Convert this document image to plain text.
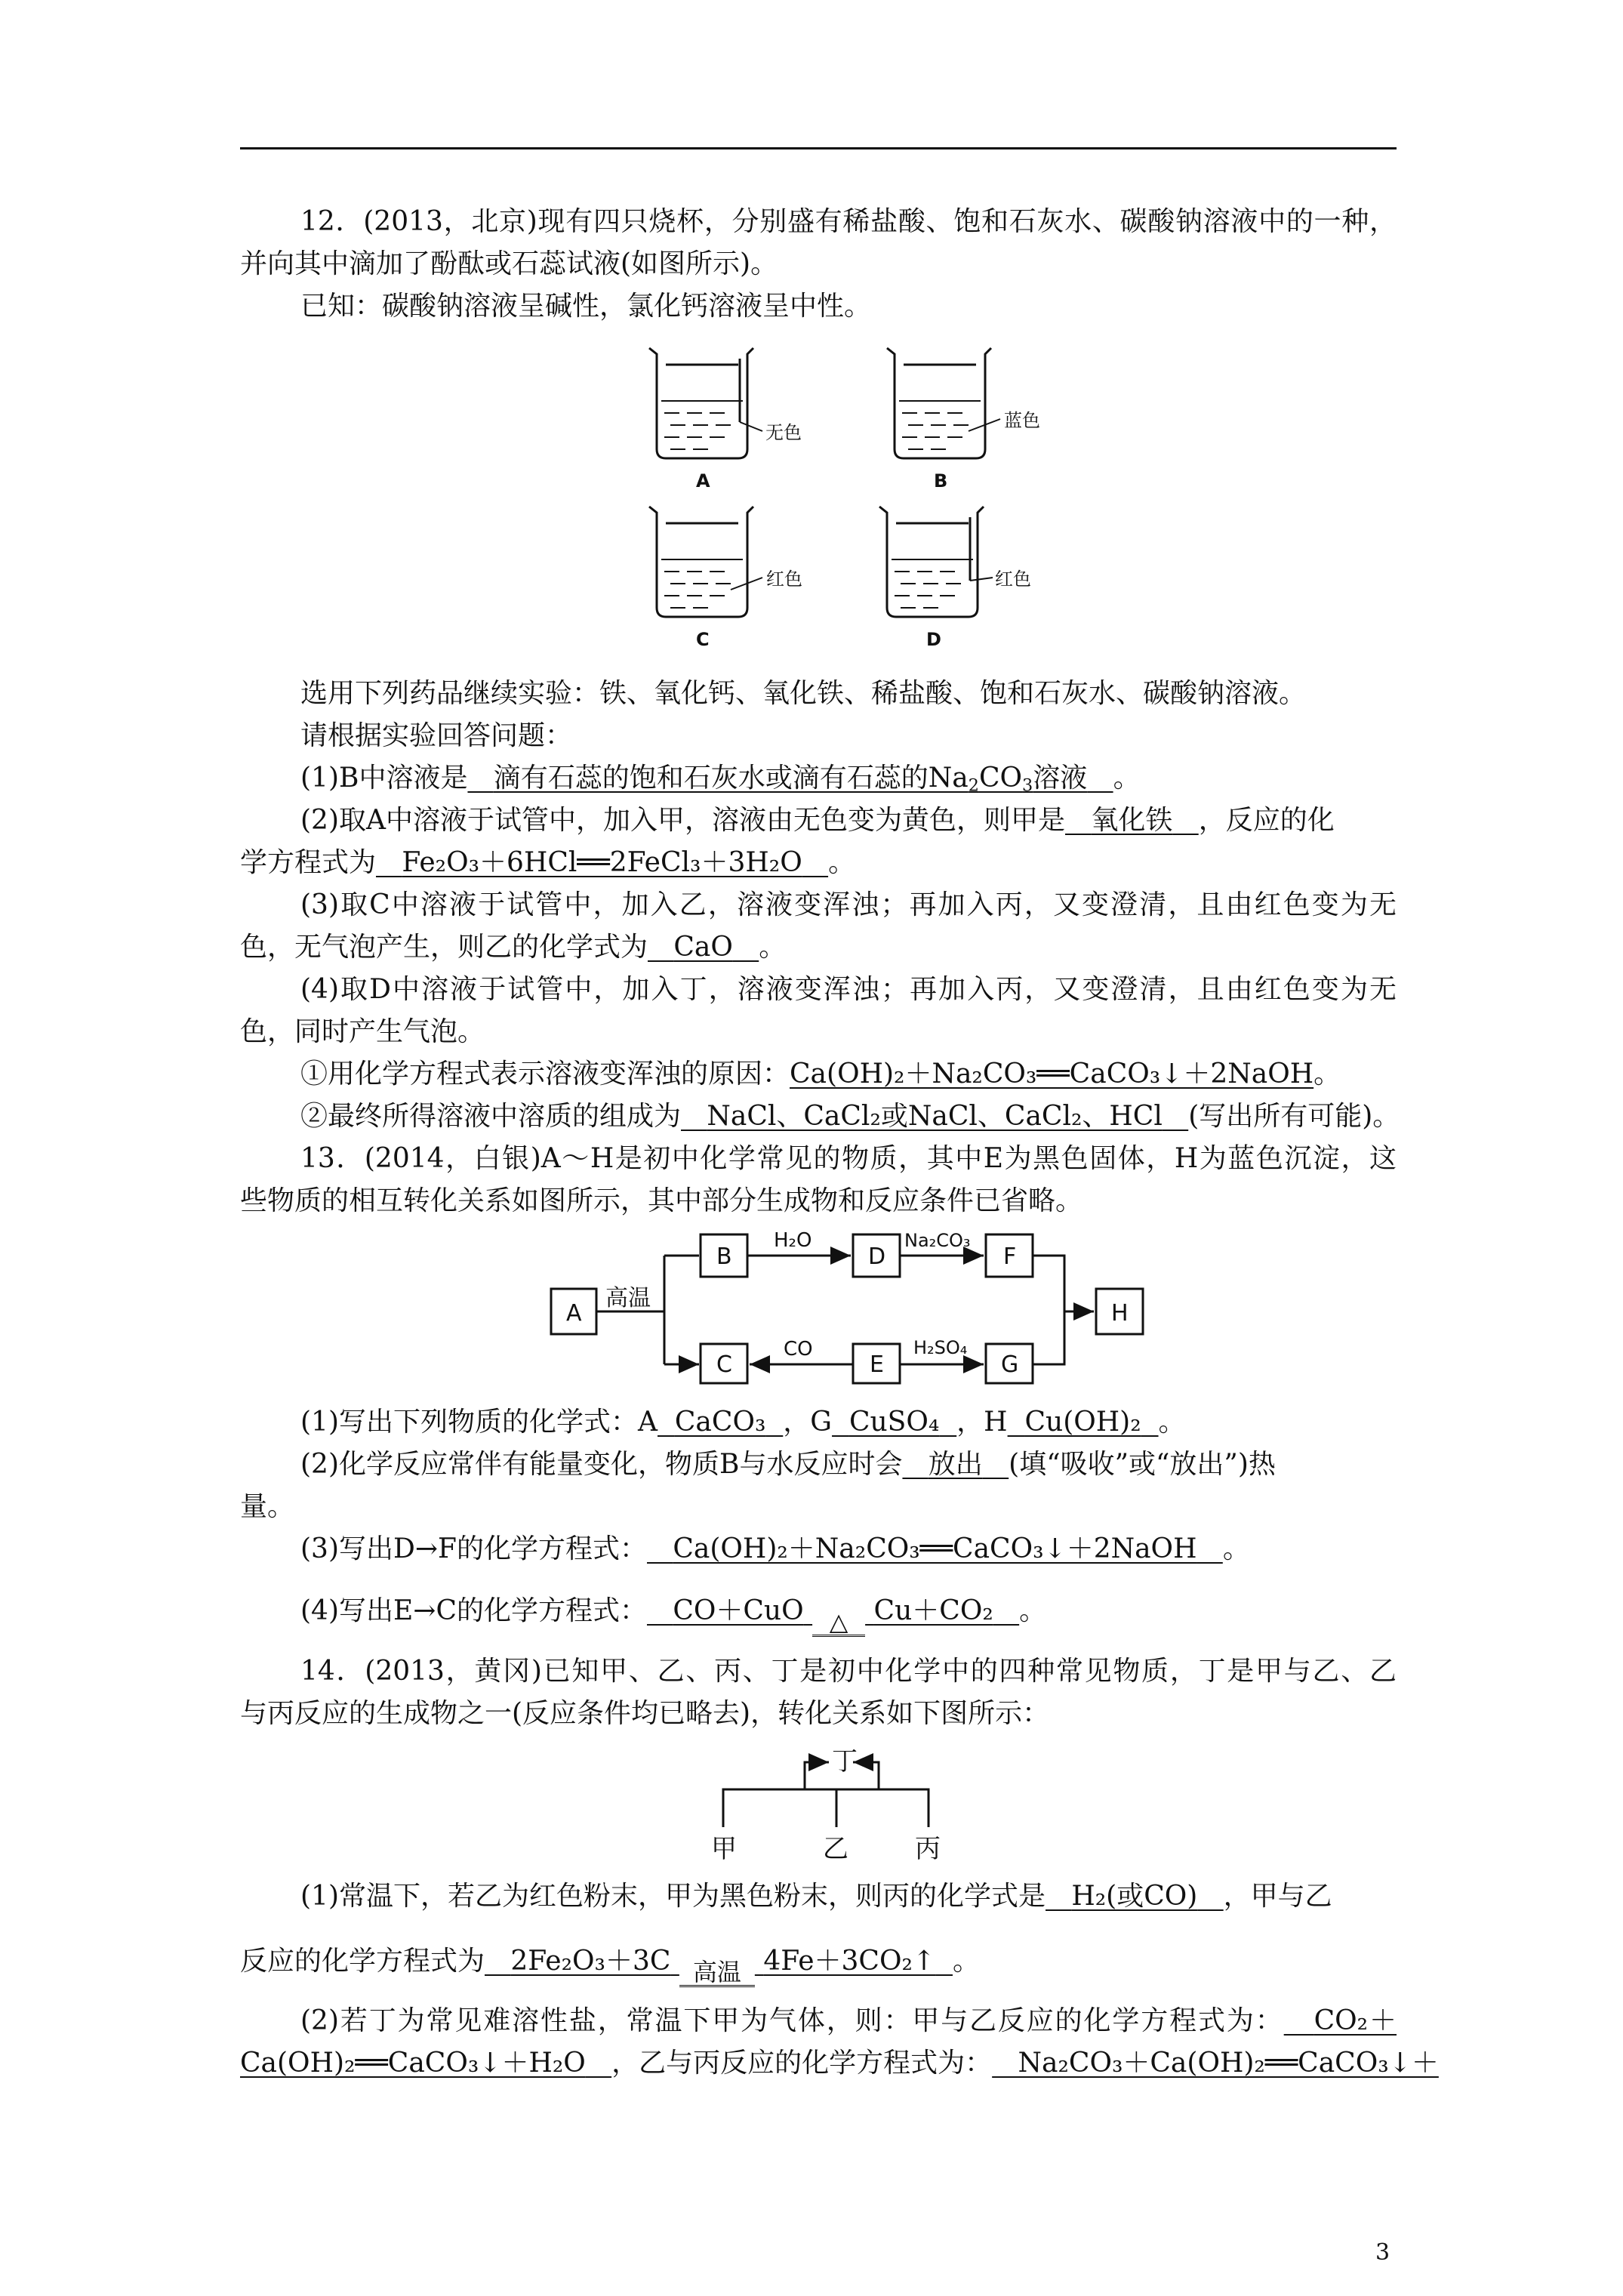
12．(2013，北京)现有四只烧杯，分别盛有稀盐酸、饱和石灰水、碳酸钠溶液中的一种，
并向其中滴加了酚酞或石蕊试液(如图所示)。
已知：碳酸钠溶液呈碱性，氯化钙溶液呈中性。
无色
A
蓝色
B
红色
C
红色
D
选用下列药品继续实验：铁、氧化钙、氧化铁、稀盐酸、饱和石灰水、碳酸钠溶液。
请根据实验回答问题：
(1)B中溶液是 滴有石蕊的饱和石灰水或滴有石蕊的$Na_2CO_3$溶液 。
(2)取A中溶液于试管中，加入甲，溶液由无色变为黄色，则甲是 氧化铁 ，反应的化
学方程式为 Fe₂O₃＋6HCl══2FeCl₃＋3H₂O 。
(3)取C中溶液于试管中，加入乙，溶液变浑浊；再加入丙，又变澄清，且由红色变为无
色，无气泡产生，则乙的化学式为 CaO 。
(4)取D中溶液于试管中，加入丁，溶液变浑浊；再加入丙，又变澄清，且由红色变为无
色，同时产生气泡。
①用化学方程式表示溶液变浑浊的原因：Ca(OH)₂＋Na₂CO₃══CaCO₃↓＋2NaOH。
②最终所得溶液中溶质的组成为 NaCl、CaCl₂或NaCl、CaCl₂、HCl (写出所有可能)。
13．(2014，白银)A～H是初中化学常见的物质，其中E为黑色固体，H为蓝色沉淀，这
些物质的相互转化关系如图所示，其中部分生成物和反应条件已省略。
A
B
C
D
E
F
G
H
高温
H₂O	Na₂CO₃
CO	H₂SO₄
(1)写出下列物质的化学式：A CaCO₃ ，G CuSO₄ ，H Cu(OH)₂ 。
(2)化学反应常伴有能量变化，物质B与水反应时会 放出 (填“吸收”或“放出”)热
量。
(3)写出D→F的化学方程式： Ca(OH)₂＋Na₂CO₃══CaCO₃↓＋2NaOH 。
(4)写出E→C的化学方程式： CO＋CuO	△ Cu＋CO₂ 。
14．(2013，黄冈)已知甲、乙、丙、丁是初中化学中的四种常见物质，丁是甲与乙、乙
与丙反应的生成物之一(反应条件均已略去)，转化关系如下图所示：
丁
甲	乙	丙
(1)常温下，若乙为红色粉末，甲为黑色粉末，则丙的化学式是 H₂(或CO) ，甲与乙
反应的化学方程式为 2Fe₂O₃＋3C 高温 4Fe＋3CO₂↑ 。
(2)若丁为常见难溶性盐，常温下甲为气体，则：甲与乙反应的化学方程式为： CO₂＋
Ca(OH)₂══CaCO₃↓＋H₂O ，乙与丙反应的化学方程式为： Na₂CO₃＋Ca(OH)₂══CaCO₃↓＋
3
